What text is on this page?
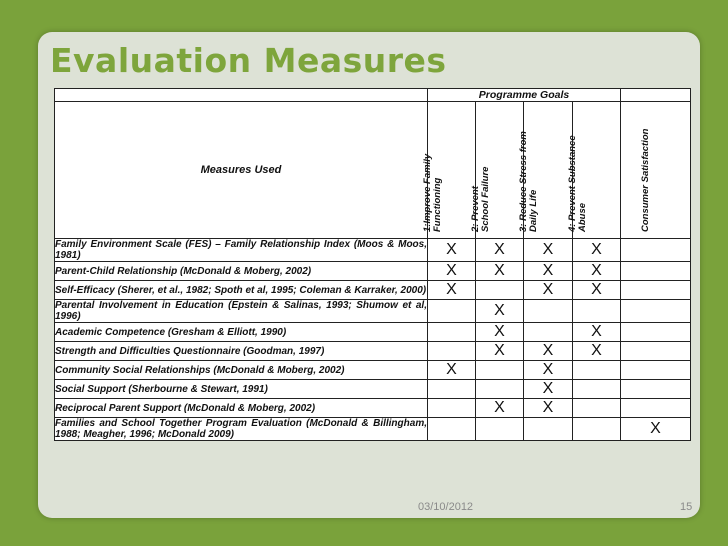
Evaluation Measures
	Programme Goals				
Measures Used	1:Improve Family Functioning	2: Prevent School Failure	3: Reduce Stress from Daily Life	4: Prevent Substance Abuse	Consumer Satisfaction

Family Environment Scale (FES) – Family Relationship Index (Moos & Moos, 1981)	X	X	X	X	
Parent-Child Relationship (McDonald & Moberg, 2002)	X	X	X	X	
Self-Efficacy (Sherer, et al., 1982; Spoth et al, 1995; Coleman & Karraker, 2000)	X		X	X	
Parental Involvement in Education (Epstein & Salinas, 1993; Shumow et al, 1996)		X			
Academic Competence (Gresham & Elliott, 1990)		X		X	
Strength and Difficulties Questionnaire (Goodman, 1997)		X	X	X	
Community Social Relationships (McDonald & Moberg, 2002)	X		X		
Social Support (Sherbourne & Stewart, 1991)			X		
Reciprocal Parent Support (McDonald & Moberg, 2002)		X	X		
Families and School Together Program Evaluation (McDonald & Billingham, 1988; Meagher, 1996; McDonald 2009)					X
03/10/2012	15
